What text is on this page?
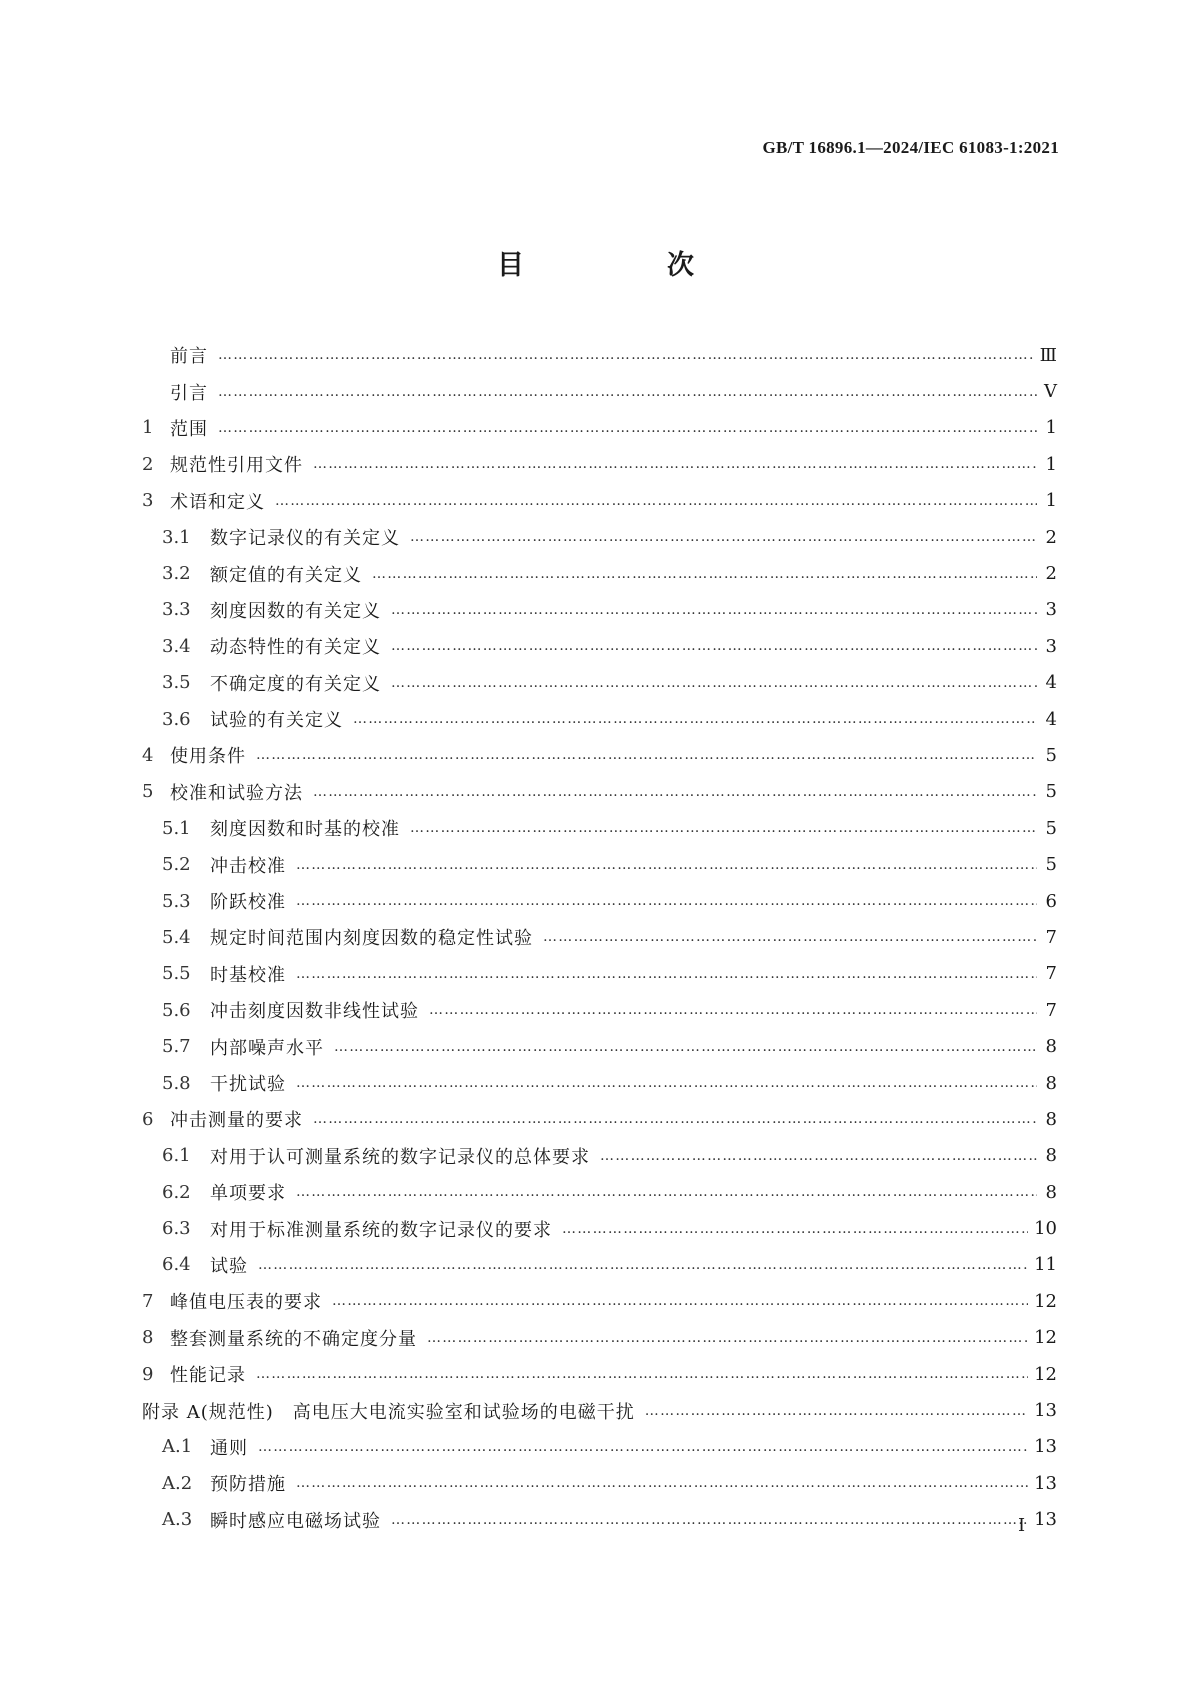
GB/T 16896.1—2024/IEC 61083-1:2021
目　次
前言 …………………………………………………………………………………………………………………………………………………………………………	Ⅲ
引言 …………………………………………………………………………………………………………………………………………………………………………	Ⅴ
1 范围 …………………………………………………………………………………………………………………………………………………………………………	1
2 规范性引用文件 …………………………………………………………………………………………………………………………………………………………………………	1
3 术语和定义 …………………………………………………………………………………………………………………………………………………………………………	1
3.1	数字记录仪的有关定义 …………………………………………………………………………………………………………………………………………………………………………	2
3.2	额定值的有关定义 …………………………………………………………………………………………………………………………………………………………………………	2
3.3	刻度因数的有关定义 …………………………………………………………………………………………………………………………………………………………………………	3
3.4	动态特性的有关定义 …………………………………………………………………………………………………………………………………………………………………………	3
3.5	不确定度的有关定义 …………………………………………………………………………………………………………………………………………………………………………	4
3.6	试验的有关定义 …………………………………………………………………………………………………………………………………………………………………………	4
4 使用条件 …………………………………………………………………………………………………………………………………………………………………………	5
5 校准和试验方法 …………………………………………………………………………………………………………………………………………………………………………	5
5.1	刻度因数和时基的校准 …………………………………………………………………………………………………………………………………………………………………………	5
5.2	冲击校准 …………………………………………………………………………………………………………………………………………………………………………	5
5.3	阶跃校准 …………………………………………………………………………………………………………………………………………………………………………	6
5.4	规定时间范围内刻度因数的稳定性试验 …………………………………………………………………………………………………………………………………………………………………………	7
5.5	时基校准 …………………………………………………………………………………………………………………………………………………………………………	7
5.6	冲击刻度因数非线性试验 …………………………………………………………………………………………………………………………………………………………………………	7
5.7	内部噪声水平 …………………………………………………………………………………………………………………………………………………………………………	8
5.8	干扰试验 …………………………………………………………………………………………………………………………………………………………………………	8
6 冲击测量的要求 …………………………………………………………………………………………………………………………………………………………………………	8
6.1	对用于认可测量系统的数字记录仪的总体要求 …………………………………………………………………………………………………………………………………………………………………………	8
6.2	单项要求 …………………………………………………………………………………………………………………………………………………………………………	8
6.3	对用于标准测量系统的数字记录仪的要求 …………………………………………………………………………………………………………………………………………………………………………	10
6.4	试验 …………………………………………………………………………………………………………………………………………………………………………	11
7 峰值电压表的要求 …………………………………………………………………………………………………………………………………………………………………………	12
8 整套测量系统的不确定度分量 …………………………………………………………………………………………………………………………………………………………………………	12
9 性能记录 …………………………………………………………………………………………………………………………………………………………………………	12
附录 A(规范性)　高电压大电流实验室和试验场的电磁干扰 …………………………………………………………………………………………………………………………………………………………………………	13
A.1 通则 …………………………………………………………………………………………………………………………………………………………………………	13
A.2 预防措施 …………………………………………………………………………………………………………………………………………………………………………	13
A.3 瞬时感应电磁场试验 …………………………………………………………………………………………………………………………………………………………………………	13
Ⅰ
